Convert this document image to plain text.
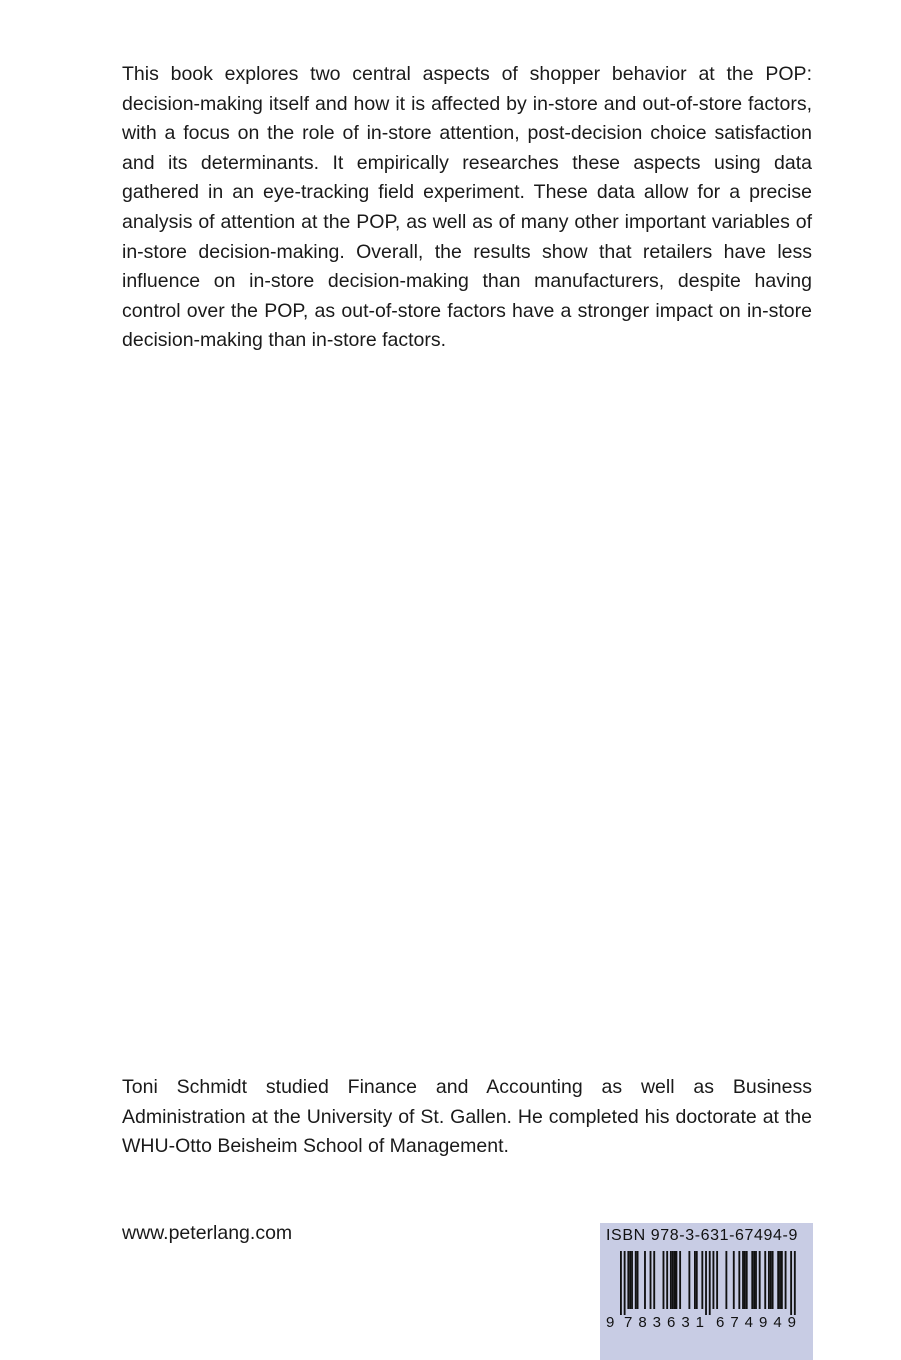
This book explores two central aspects of shopper behavior at the POP: decision-making itself and how it is affected by in-store and out-of-store factors, with a focus on the role of in-store attention, post-decision choice satisfaction and its determinants. It empirically researches these aspects using data gathered in an eye-tracking field experiment. These data allow for a precise analysis of attention at the POP, as well as of many other important variables of in-store decision-making. Overall, the results show that retailers have less influence on in-store decision-making than manufacturers, despite having control over the POP, as out-of-store factors have a stronger impact on in-store decision-making than in-store factors.

Toni Schmidt studied Finance and Accounting as well as Business Administration at the University of St. Gallen. He completed his doctorate at the WHU-Otto Beisheim School of Management.

www.peterlang.com	ISBN 978-3-631-67494-9
9 783631 674949
